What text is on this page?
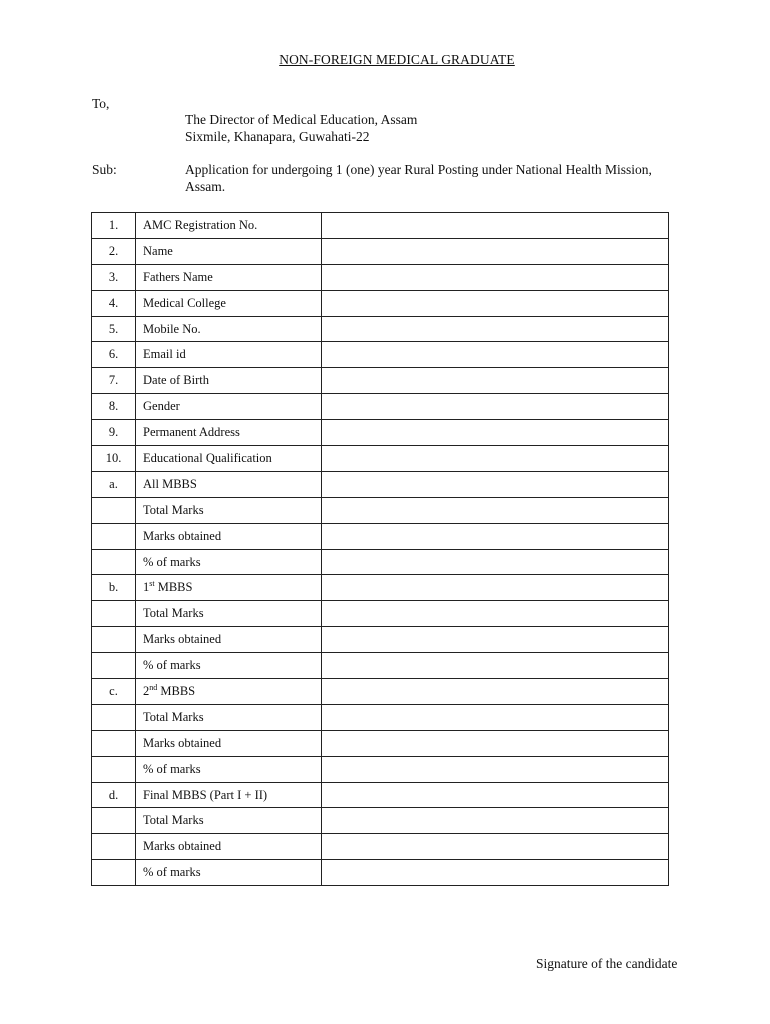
NON-FOREIGN MEDICAL GRADUATE
To,
The Director of Medical Education, Assam
Sixmile, Khanapara, Guwahati-22
Sub:	Application for undergoing 1 (one) year Rural Posting under National Health Mission, Assam.
1.	AMC Registration No.	
2.	Name	
3.	Fathers Name	
4.	Medical College	
5.	Mobile No.	
6.	Email id	
7.	Date of Birth	
8.	Gender	
9.	Permanent Address	
10.	Educational Qualification	
a.	All MBBS	
	Total Marks	
	Marks obtained	
	% of marks	
b.	1st MBBS	
	Total Marks	
	Marks obtained	
	% of marks	
c.	2nd MBBS	
	Total Marks	
	Marks obtained	
	% of marks	
d.	Final MBBS (Part I + II)	
	Total Marks	
	Marks obtained	
	% of marks	
Signature of the candidate
